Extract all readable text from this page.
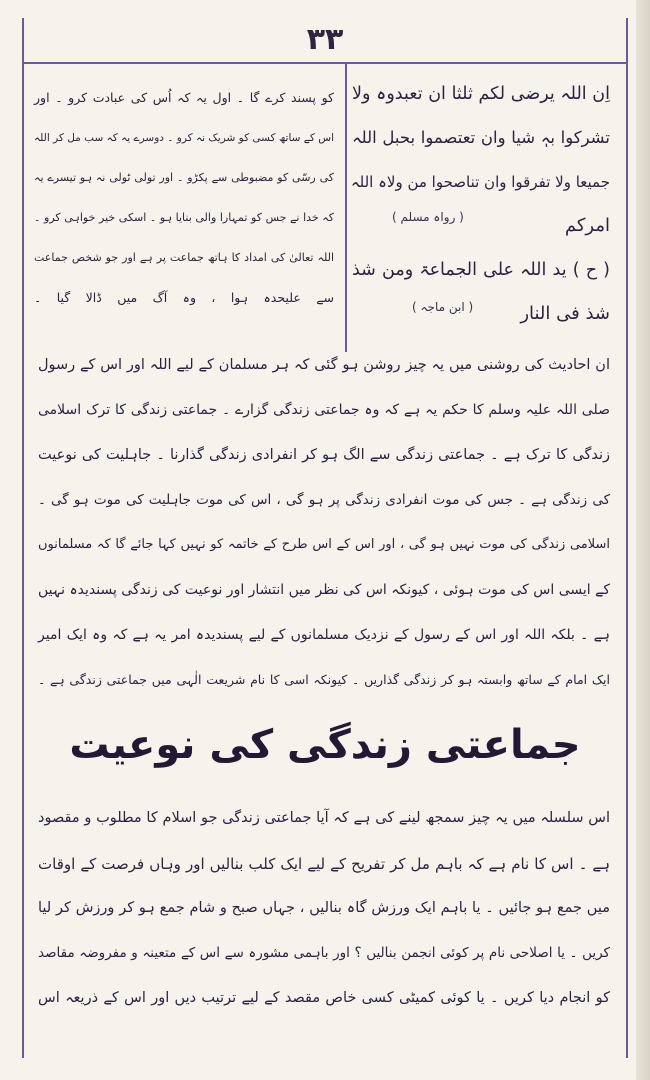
۳۳
اِن اللہ یرضی لکم ثلثا ان تعبدوہ ولا
تشرکوا بہٖ شیا وان تعتصموا بحبل اللہ
جمیعا ولا تفرقوا وان تناصحوا من ولاہ اللہ
امرکم
( رواہ مسلم )
( ح ) ید اللہ علی الجماعۃ ومن شذ
شذ فی النار
( ابن ماجہ )
کو پسند کرے گا ۔ اول یہ کہ اُس کی عبادت کرو ۔ اور
اس کے ساتھ کسی کو شریک نہ کرو ۔ دوسرے یہ کہ سب مل کر اللہ
کی رسّی کو مضبوطی سے پکڑو ۔ اور تولی ٹولی نہ ہو تیسرے یہ
کہ خدا نے جس کو تمہارا والی بنایا ہو ۔ اسکی خیر خواہی کرو ۔
اللہ تعالیٰ کی امداد کا ہاتھ جماعت پر ہے اور جو شخص جماعت
سے علیحدہ ہوا ، وہ آگ میں ڈالا گیا ۔
ان احادیث کی روشنی میں یہ چیز روشن ہو گئی کہ ہر مسلمان کے لیے اللہ اور اس کے رسول
صلی اللہ علیہ وسلم کا حکم یہ ہے کہ وہ جماعتی زندگی گزارے ۔ جماعتی زندگی کا ترک اسلامی
زندگی کا ترک ہے ۔ جماعتی زندگی سے الگ ہو کر انفرادی زندگی گذارنا ۔ جاہلیت کی نوعیت
کی زندگی ہے ۔ جس کی موت انفرادی زندگی پر ہو گی ، اس کی موت جاہلیت کی موت ہو گی ۔
اسلامی زندگی کی موت نہیں ہو گی ، اور اس کے اس طرح کے خاتمہ کو نہیں کہا جائے گا کہ مسلمانوں
کے ایسی اس کی موت ہوئی ، کیونکہ اس کی نظر میں انتشار اور نوعیت کی زندگی پسندیدہ نہیں
ہے ۔ بلکہ اللہ اور اس کے رسول کے نزدیک مسلمانوں کے لیے پسندیدہ امر یہ ہے کہ وہ ایک امیر
ایک امام کے ساتھ وابستہ ہو کر زندگی گذاریں ۔ کیونکہ اسی کا نام شریعت الٰہی میں جماعتی زندگی ہے ۔
جماعتی زندگی کی نوعیت
اس سلسلہ میں یہ چیز سمجھ لینے کی ہے کہ آیا جماعتی زندگی جو اسلام کا مطلوب و مقصود
ہے ۔ اس کا نام ہے کہ باہم مل کر تفریح کے لیے ایک کلب بنالیں اور وہاں فرصت کے اوقات
میں جمع ہو جائیں ۔ یا باہم ایک ورزش گاہ بنالیں ، جہاں صبح و شام جمع ہو کر ورزش کر لیا
کریں ۔ یا اصلاحی نام پر کوئی انجمن بنالیں ؟ اور باہمی مشورہ سے اس کے متعینہ و مفروضہ مقاصد
کو انجام دیا کریں ۔ یا کوئی کمیٹی کسی خاص مقصد کے لیے ترتیب دیں اور اس کے ذریعہ اس
